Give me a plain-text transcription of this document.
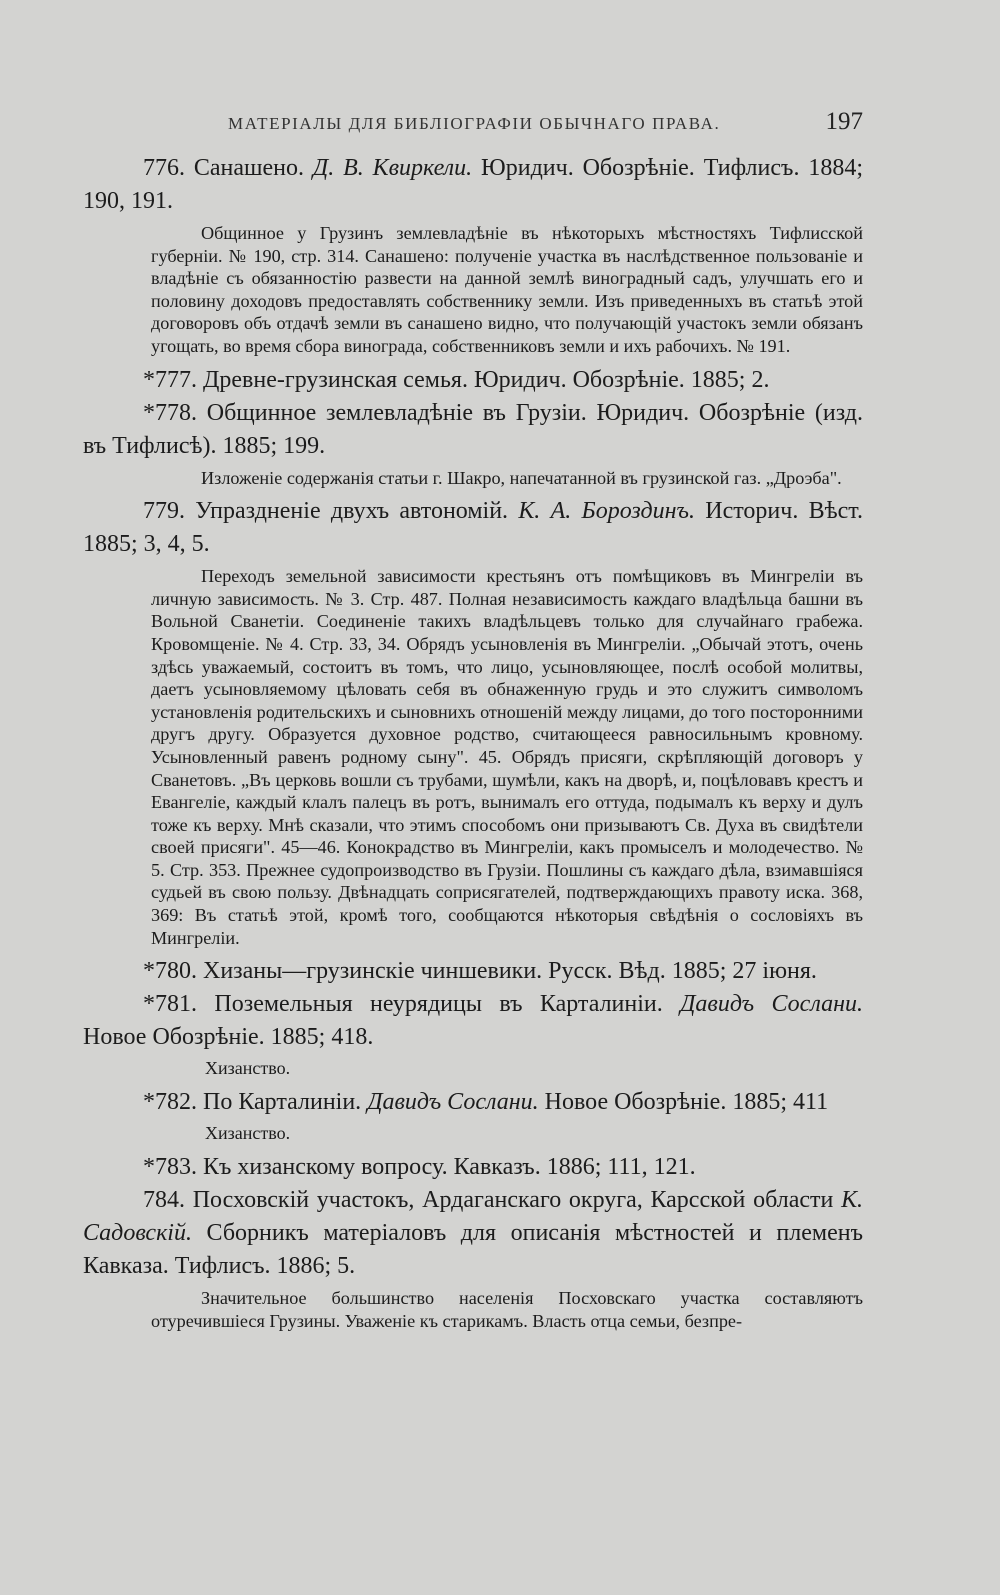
МАТЕРІАЛЫ ДЛЯ БИБЛІОГРАФІИ ОБЫЧНАГО ПРАВА.	197

776. Санашено. Д. В. Квиркели. Юридич. Обозрѣніе. Тифлисъ. 1884; 190, 191.

Общинное у Грузинъ землевладѣніе въ нѣкоторыхъ мѣстностяхъ Тифлисской губерніи. № 190, стр. 314. Санашено: полученіе участка въ наслѣдственное пользованіе и владѣніе съ обязанностію развести на данной землѣ виноградный садъ, улучшать его и половину доходовъ предоставлять собственнику земли. Изъ приведенныхъ въ статьѣ этой договоровъ объ отдачѣ земли въ санашено видно, что получающій участокъ земли обязанъ угощать, во время сбора винограда, собственниковъ земли и ихъ рабочихъ. № 191.

*777. Древне-грузинская семья. Юридич. Обозрѣніе. 1885; 2.

*778. Общинное землевладѣніе въ Грузіи. Юридич. Обозрѣніе (изд. въ Тифлисѣ). 1885; 199.

Изложеніе содержанія статьи г. Шакро, напечатанной въ грузинской газ. „Дроэба".

779. Упраздненіе двухъ автономій. К. А. Бороздинъ. Историч. Вѣст. 1885; 3, 4, 5.

Переходъ земельной зависимости крестьянъ отъ помѣщиковъ въ Мингреліи въ личную зависимость. № 3. Стр. 487. Полная независимость каждаго владѣльца башни въ Вольной Сванетіи. Соединеніе такихъ владѣльцевъ только для случайнаго грабежа. Кровомщеніе. № 4. Стр. 33, 34. Обрядъ усыновленія въ Мингреліи. „Обычай этотъ, очень здѣсь уважаемый, состоитъ въ томъ, что лицо, усыновляющее, послѣ особой молитвы, даетъ усыновляемому цѣловать себя въ обнаженную грудь и это служитъ символомъ установленія родительскихъ и сыновнихъ отношеній между лицами, до того посторонними другъ другу. Образуется духовное родство, считающееся равносильнымъ кровному. Усыновленный равенъ родному сыну". 45. Обрядъ присяги, скрѣпляющій договоръ у Сванетовъ. „Въ церковь вошли съ трубами, шумѣли, какъ на дворѣ, и, поцѣловавъ крестъ и Евангеліе, каждый клалъ палецъ въ ротъ, вынималъ его оттуда, подымалъ къ верху и дулъ тоже къ верху. Мнѣ сказали, что этимъ способомъ они призываютъ Св. Духа въ свидѣтели своей присяги". 45—46. Конокрадство въ Мингреліи, какъ промыселъ и молодечество. № 5. Стр. 353. Прежнее судопроизводство въ Грузіи. Пошлины съ каждаго дѣла, взимавшіяся судьей въ свою пользу. Двѣнадцать соприсягателей, подтверждающихъ правоту иска. 368, 369: Въ статьѣ этой, кромѣ того, сообщаются нѣкоторыя свѣдѣнія о сословіяхъ въ Мингреліи.

*780. Хизаны—грузинскіе чиншевики. Русск. Вѣд. 1885; 27 іюня.

*781. Поземельныя неурядицы въ Карталиніи. Давидъ Сослани. Новое Обозрѣніе. 1885; 418.

Хизанство.

*782. По Карталиніи. Давидъ Сослани. Новое Обозрѣніе. 1885; 411

Хизанство.

*783. Къ хизанскому вопросу. Кавказъ. 1886; 111, 121.

784. Посховскій участокъ, Ардаганскаго округа, Карсской области К. Садовскій. Сборникъ матеріаловъ для описанія мѣстностей и племенъ Кавказа. Тифлисъ. 1886; 5.

Значительное большинство населенія Посховскаго участка составляютъ отуречившіеся Грузины. Уваженіе къ старикамъ. Власть отца семьи, безпре-
